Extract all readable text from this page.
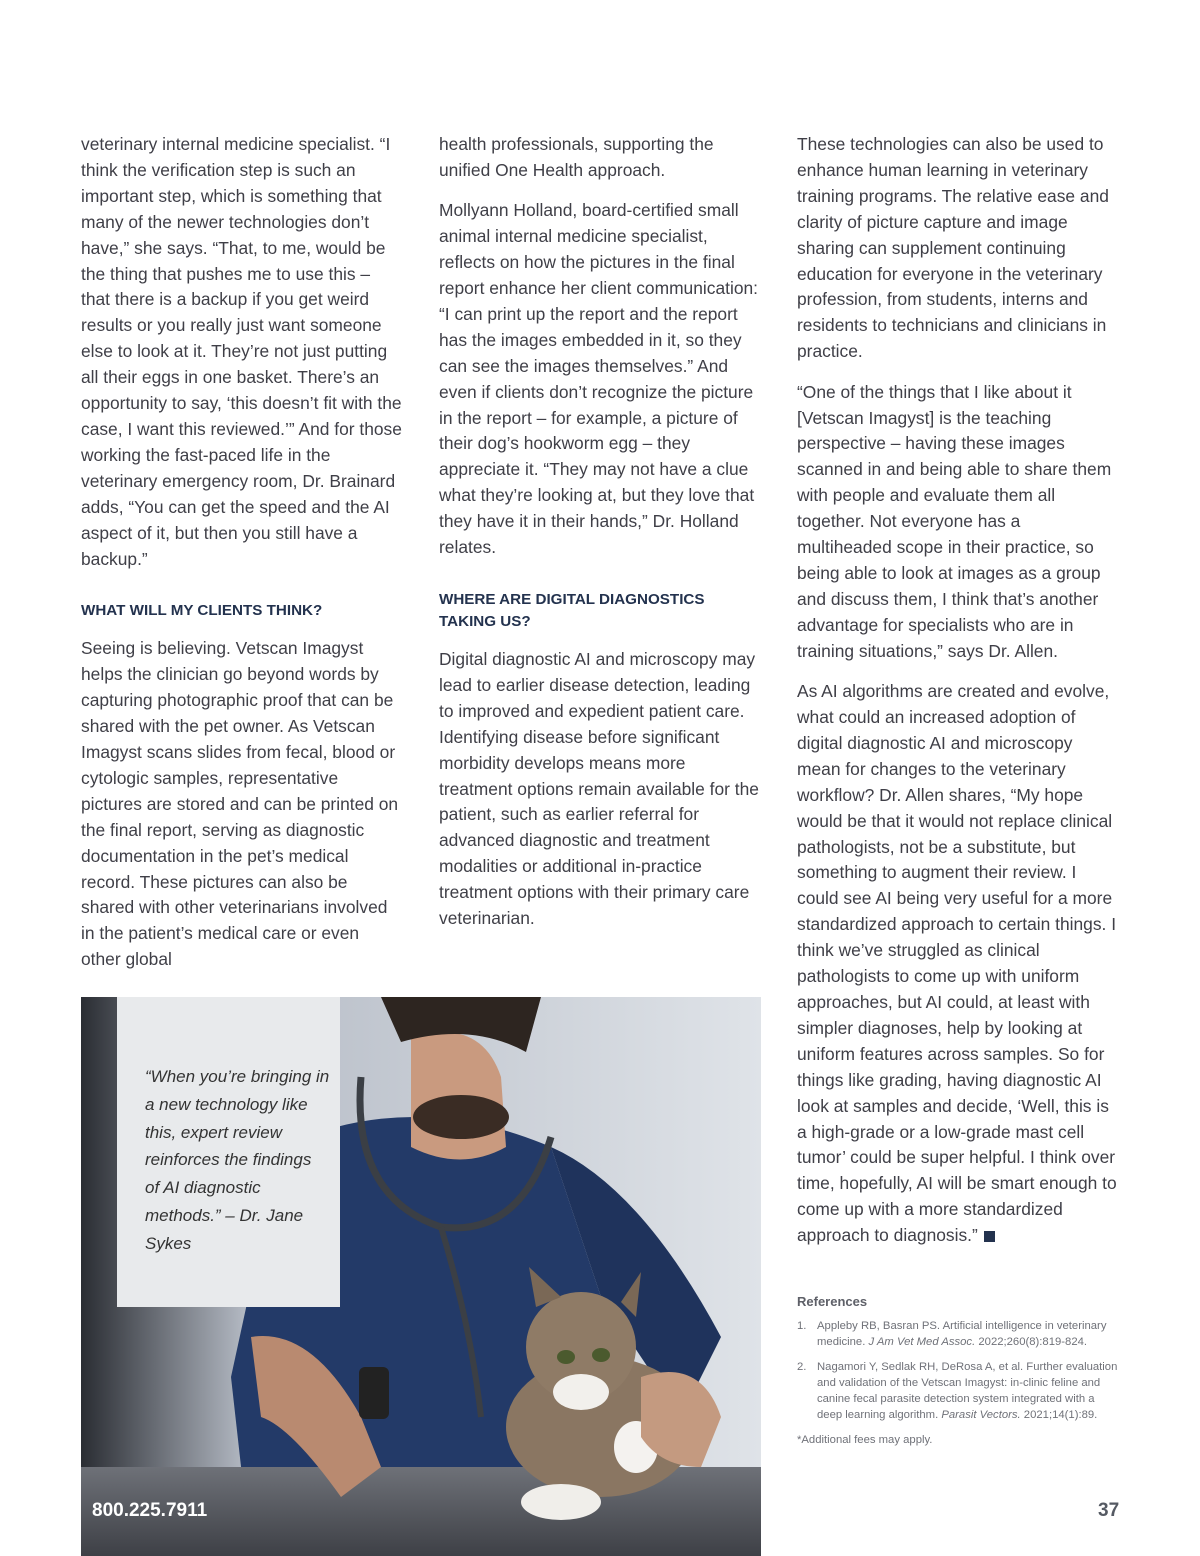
veterinary internal medicine specialist. “I think the verification step is such an important step, which is something that many of the newer technologies don’t have,” she says. “That, to me, would be the thing that pushes me to use this – that there is a backup if you get weird results or you really just want someone else to look at it. They’re not just putting all their eggs in one basket. There’s an opportunity to say, ‘this doesn’t fit with the case, I want this reviewed.’” And for those working the fast-paced life in the veterinary emergency room, Dr. Brainard adds, “You can get the speed and the AI aspect of it, but then you still have a backup.”

WHAT WILL MY CLIENTS THINK?

Seeing is believing. Vetscan Imagyst helps the clinician go beyond words by capturing photographic proof that can be shared with the pet owner. As Vetscan Imagyst scans slides from fecal, blood or cytologic samples, representative pictures are stored and can be printed on the final report, serving as diagnostic documentation in the pet’s medical record. These pictures can also be shared with other veterinarians involved in the patient’s medical care or even other global

health professionals, supporting the unified One Health approach.

Mollyann Holland, board-certified small animal internal medicine specialist, reflects on how the pictures in the final report enhance her client communication: “I can print up the report and the report has the images embedded in it, so they can see the images themselves.” And even if clients don’t recognize the picture in the report – for example, a picture of their dog’s hookworm egg – they appreciate it. “They may not have a clue what they’re looking at, but they love that they have it in their hands,” Dr. Holland relates.

WHERE ARE DIGITAL DIAGNOSTICS TAKING US?

Digital diagnostic AI and microscopy may lead to earlier disease detection, leading to improved and expedient patient care. Identifying disease before significant morbidity develops means more treatment options remain available for the patient, such as earlier referral for advanced diagnostic and treatment modalities or additional in-practice treatment options with their primary care veterinarian.

These technologies can also be used to enhance human learning in veterinary training programs. The relative ease and clarity of picture capture and image sharing can supplement continuing education for everyone in the veterinary profession, from students, interns and residents to technicians and clinicians in practice.

“One of the things that I like about it [Vetscan Imagyst] is the teaching perspective – having these images scanned in and being able to share them with people and evaluate them all together. Not everyone has a multiheaded scope in their practice, so being able to look at images as a group and discuss them, I think that’s another advantage for specialists who are in training situations,” says Dr. Allen.

As AI algorithms are created and evolve, what could an increased adoption of digital diagnostic AI and microscopy mean for changes to the veterinary workflow? Dr. Allen shares, “My hope would be that it would not replace clinical pathologists, not be a substitute, but something to augment their review. I could see AI being very useful for a more standardized approach to certain things. I think we’ve struggled as clinical pathologists to come up with uniform approaches, but AI could, at least with simpler diagnoses, help by looking at uniform features across samples. So for things like grading, having diagnostic AI look at samples and decide, ‘Well, this is a high-grade or a low-grade mast cell tumor’ could be super helpful. I think over time, hopefully, AI will be smart enough to come up with a more standardized approach to diagnosis.”

“When you’re bringing in a new technology like this, expert review reinforces the findings of AI diagnostic methods.” – Dr. Jane Sykes
800.225.7911	37
References
1. Appleby RB, Basran PS. Artificial intelligence in veterinary medicine. J Am Vet Med Assoc. 2022;260(8):819-824.
2. Nagamori Y, Sedlak RH, DeRosa A, et al. Further evaluation and validation of the Vetscan Imagyst: in-clinic feline and canine fecal parasite detection system integrated with a deep learning algorithm. Parasit Vectors. 2021;14(1):89.
*Additional fees may apply.
